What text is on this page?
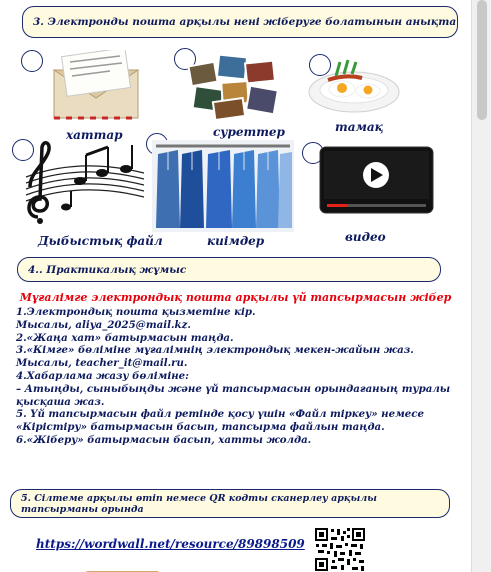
3. Электронды пошта арқылы нені жіберуге болатынын анықта
хаттар	суреттер	тамақ
Дыбыстық файл	киімдер	видео
4.. Практикалық жұмыс
Мұғалімге электрондық пошта арқылы үй тапсырмасын жібер
1.Электрондық пошта қызметіне кір.
Мысалы, aliya_2025@mail.kz.
2.«Жаңа хат» батырмасын таңда.
3.«Кімге» бөліміне мұғалімнің электрондық мекен-жайын жаз.
Мысалы, teacher_it@mail.ru.
4.Хабарлама жазу бөліміне:
– Атыңды, сыныбыңды және үй тапсырмасын орындағаның туралы қысқаша жаз.
5. Үй тапсырмасын файл ретінде қосу үшін «Файл тіркеу» немесе «Кірістіру» батырмасын басып, тапсырма файлын таңда.
6.«Жіберу» батырмасын басып, хатты жолда.
5. Сілтеме арқылы өтіп немесе QR кодты сканерлеу арқылы тапсырманы орында
https://wordwall.net/resource/89898509
